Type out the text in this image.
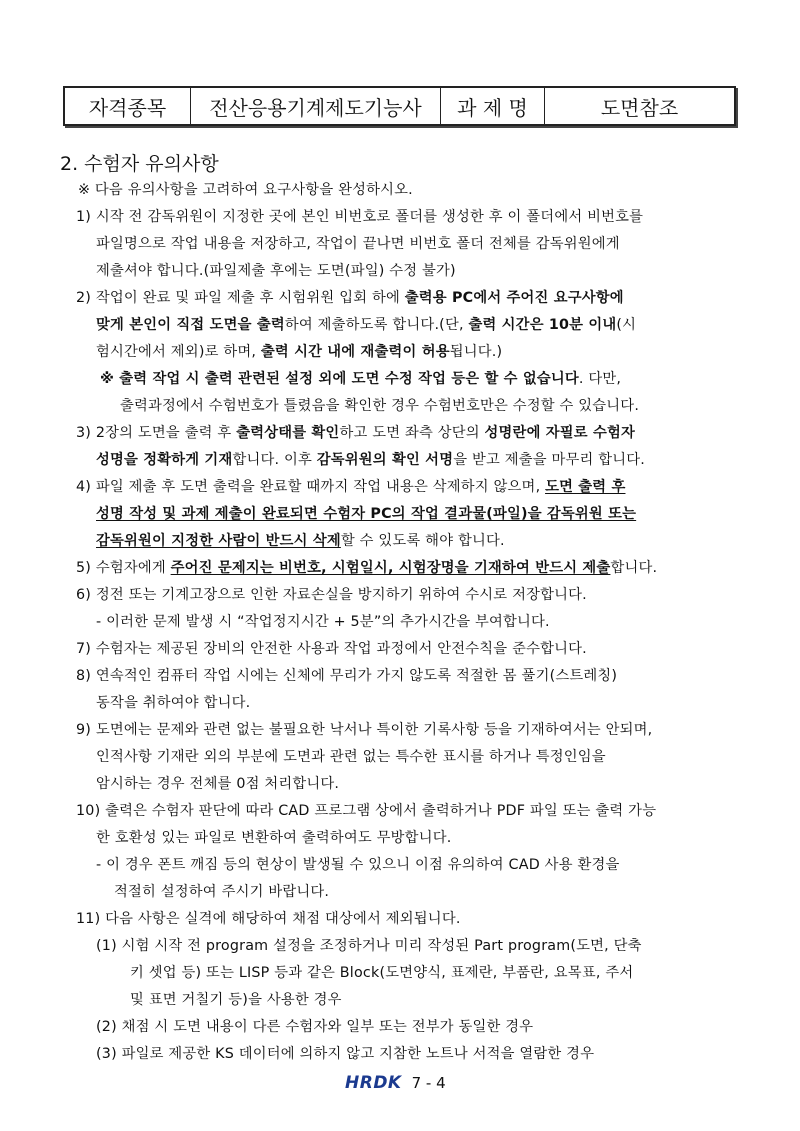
자격종목	전산응용기계제도기능사	과 제 명	도면참조
2. 수험자 유의사항
※ 다음 유의사항을 고려하여 요구사항을 완성하시오.
1) 시작 전 감독위원이 지정한 곳에 본인 비번호로 폴더를 생성한 후 이 폴더에서 비번호를
파일명으로 작업 내용을 저장하고, 작업이 끝나면 비번호 폴더 전체를 감독위원에게
제출셔야 합니다.(파일제출 후에는 도면(파일) 수정 불가)
2) 작업이 완료 및 파일 제출 후 시험위원 입회 하에 출력용 PC에서 주어진 요구사항에
맞게 본인이 직접 도면을 출력하여 제출하도록 합니다.(단, 출력 시간은 10분 이내(시
험시간에서 제외)로 하며, 출력 시간 내에 재출력이 허용됩니다.)
※ 출력 작업 시 출력 관련된 설정 외에 도면 수정 작업 등은 할 수 없습니다. 다만,
출력과정에서 수험번호가 틀렸음을 확인한 경우 수험번호만은 수정할 수 있습니다.
3) 2장의 도면을 출력 후 출력상태를 확인하고 도면 좌측 상단의 성명란에 자필로 수험자
성명을 정확하게 기재합니다. 이후 감독위원의 확인 서명을 받고 제출을 마무리 합니다.
4) 파일 제출 후 도면 출력을 완료할 때까지 작업 내용은 삭제하지 않으며, 도면 출력 후
성명 작성 및 과제 제출이 완료되면 수험자 PC의 작업 결과물(파일)을 감독위원 또는
감독위원이 지정한 사람이 반드시 삭제할 수 있도록 해야 합니다.
5) 수험자에게 주어진 문제지는 비번호, 시험일시, 시험장명을 기재하여 반드시 제출합니다.
6) 정전 또는 기계고장으로 인한 자료손실을 방지하기 위하여 수시로 저장합니다.
- 이러한 문제 발생 시 “작업정지시간 + 5분”의 추가시간을 부여합니다.
7) 수험자는 제공된 장비의 안전한 사용과 작업 과정에서 안전수칙을 준수합니다.
8) 연속적인 컴퓨터 작업 시에는 신체에 무리가 가지 않도록 적절한 몸 풀기(스트레칭)
동작을 취하여야 합니다.
9) 도면에는 문제와 관련 없는 불필요한 낙서나 특이한 기록사항 등을 기재하여서는 안되며,
인적사항 기재란 외의 부분에 도면과 관련 없는 특수한 표시를 하거나 특정인임을
암시하는 경우 전체를 0점 처리합니다.
10) 출력은 수험자 판단에 따라 CAD 프로그램 상에서 출력하거나 PDF 파일 또는 출력 가능
한 호환성 있는 파일로 변환하여 출력하여도 무방합니다.
- 이 경우 폰트 깨짐 등의 현상이 발생될 수 있으니 이점 유의하여 CAD 사용 환경을
적절히 설정하여 주시기 바랍니다.
11) 다음 사항은 실격에 해당하여 채점 대상에서 제외됩니다.
(1) 시험 시작 전 program 설정을 조정하거나 미리 작성된 Part program(도면, 단축
키 셋업 등) 또는 LISP 등과 같은 Block(도면양식, 표제란, 부품란, 요목표, 주서
및 표면 거칠기 등)을 사용한 경우
(2) 채점 시 도면 내용이 다른 수험자와 일부 또는 전부가 동일한 경우
(3) 파일로 제공한 KS 데이터에 의하지 않고 지참한 노트나 서적을 열람한 경우
HRDK 7 - 4
